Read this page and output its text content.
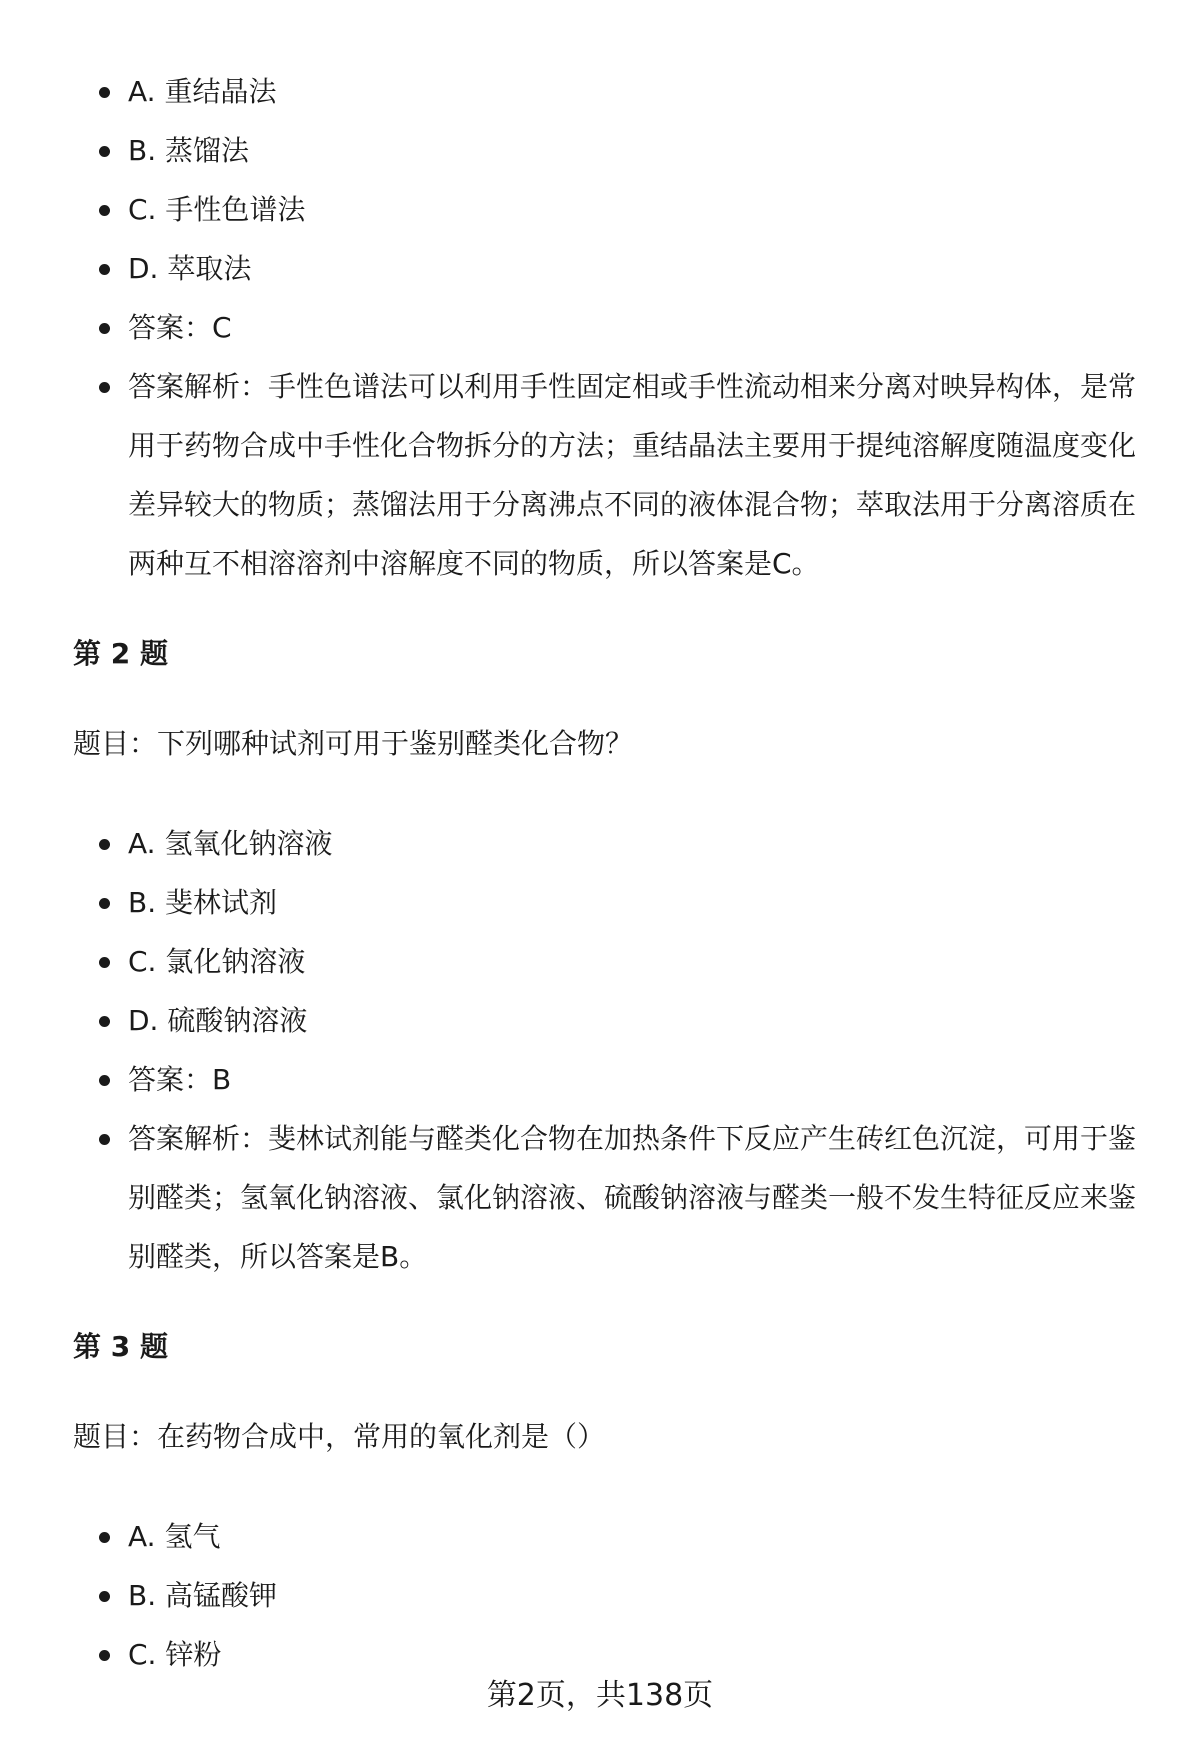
A. 重结晶法
B. 蒸馏法
C. 手性色谱法
D. 萃取法
答案：C
答案解析：手性色谱法可以利用手性固定相或手性流动相来分离对映异构体，是常用于药物合成中手性化合物拆分的方法；重结晶法主要用于提纯溶解度随温度变化差异较大的物质；蒸馏法用于分离沸点不同的液体混合物；萃取法用于分离溶质在两种互不相溶溶剂中溶解度不同的物质，所以答案是C。
第 2 题
题目：下列哪种试剂可用于鉴别醛类化合物？
A. 氢氧化钠溶液
B. 斐林试剂
C. 氯化钠溶液
D. 硫酸钠溶液
答案：B
答案解析：斐林试剂能与醛类化合物在加热条件下反应产生砖红色沉淀，可用于鉴别醛类；氢氧化钠溶液、氯化钠溶液、硫酸钠溶液与醛类一般不发生特征反应来鉴别醛类，所以答案是B。
第 3 题
题目：在药物合成中，常用的氧化剂是（）
A. 氢气
B. 高锰酸钾
C. 锌粉
第2页，共138页
